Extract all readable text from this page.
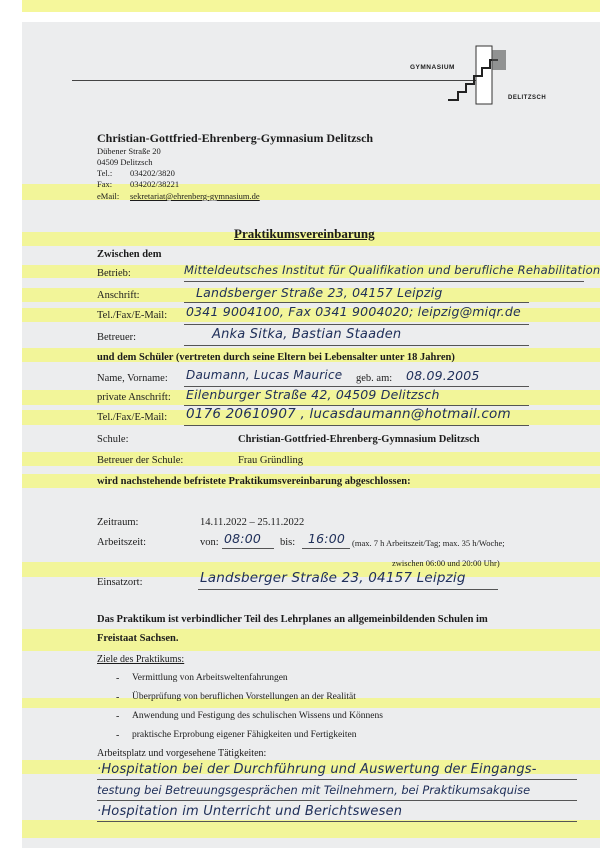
GYMNASIUM
DELITZSCH
Christian-Gottfried-Ehrenberg-Gymnasium Delitzsch
Dübener Straße 20
04509 Delitzsch
Tel.: 034202/3820
Fax: 034202/38221
eMail: sekretariat@ehrenberg-gymnasium.de
Praktikumsvereinbarung
Zwischen dem
Betrieb:	Mitteldeutsches Institut für Qualifikation und berufliche Rehabilitation
Anschrift:	Landsberger Straße 23, 04157 Leipzig
Tel./Fax/E-Mail: 0341 9004100, Fax 0341 9004020; leipzig@miqr.de
Betreuer:	Anka Sitka, Bastian Staaden
und dem Schüler (vertreten durch seine Eltern bei Lebensalter unter 18 Jahren)
Name, Vorname: Daumann, Lucas Maurice geb. am: 08.09.2005
private Anschrift: Eilenburger Straße 42, 04509 Delitzsch
Tel./Fax/E-Mail: 0176 20610907 , lucasdaumann@hotmail.com
Schule:	Christian-Gottfried-Ehrenberg-Gymnasium Delitzsch
Betreuer der Schule:	Frau Gründling
wird nachstehende befristete Praktikumsvereinbarung abgeschlossen:
Zeitraum:	14.11.2022 – 25.11.2022
Arbeitszeit:	von: 08:00 bis: 16:00 (max. 7 h Arbeitszeit/Tag; max. 35 h/Woche;
zwischen 06:00 und 20:00 Uhr)
Einsatzort:	Landsberger Straße 23, 04157 Leipzig
Das Praktikum ist verbindlicher Teil des Lehrplanes an allgemeinbildenden Schulen im
Freistaat Sachsen.
Ziele des Praktikums:
- Vermittlung von Arbeitsweltenfahrungen
- Überprüfung von beruflichen Vorstellungen an der Realität
- Anwendung und Festigung des schulischen Wissens und Könnens
- praktische Erprobung eigener Fähigkeiten und Fertigkeiten
Arbeitsplatz und vorgesehene Tätigkeiten:
·Hospitation bei der Durchführung und Auswertung der Eingangs-
testung bei Betreuungsgesprächen mit Teilnehmern, bei Praktikumsakquise
·Hospitation im Unterricht und Berichtswesen
